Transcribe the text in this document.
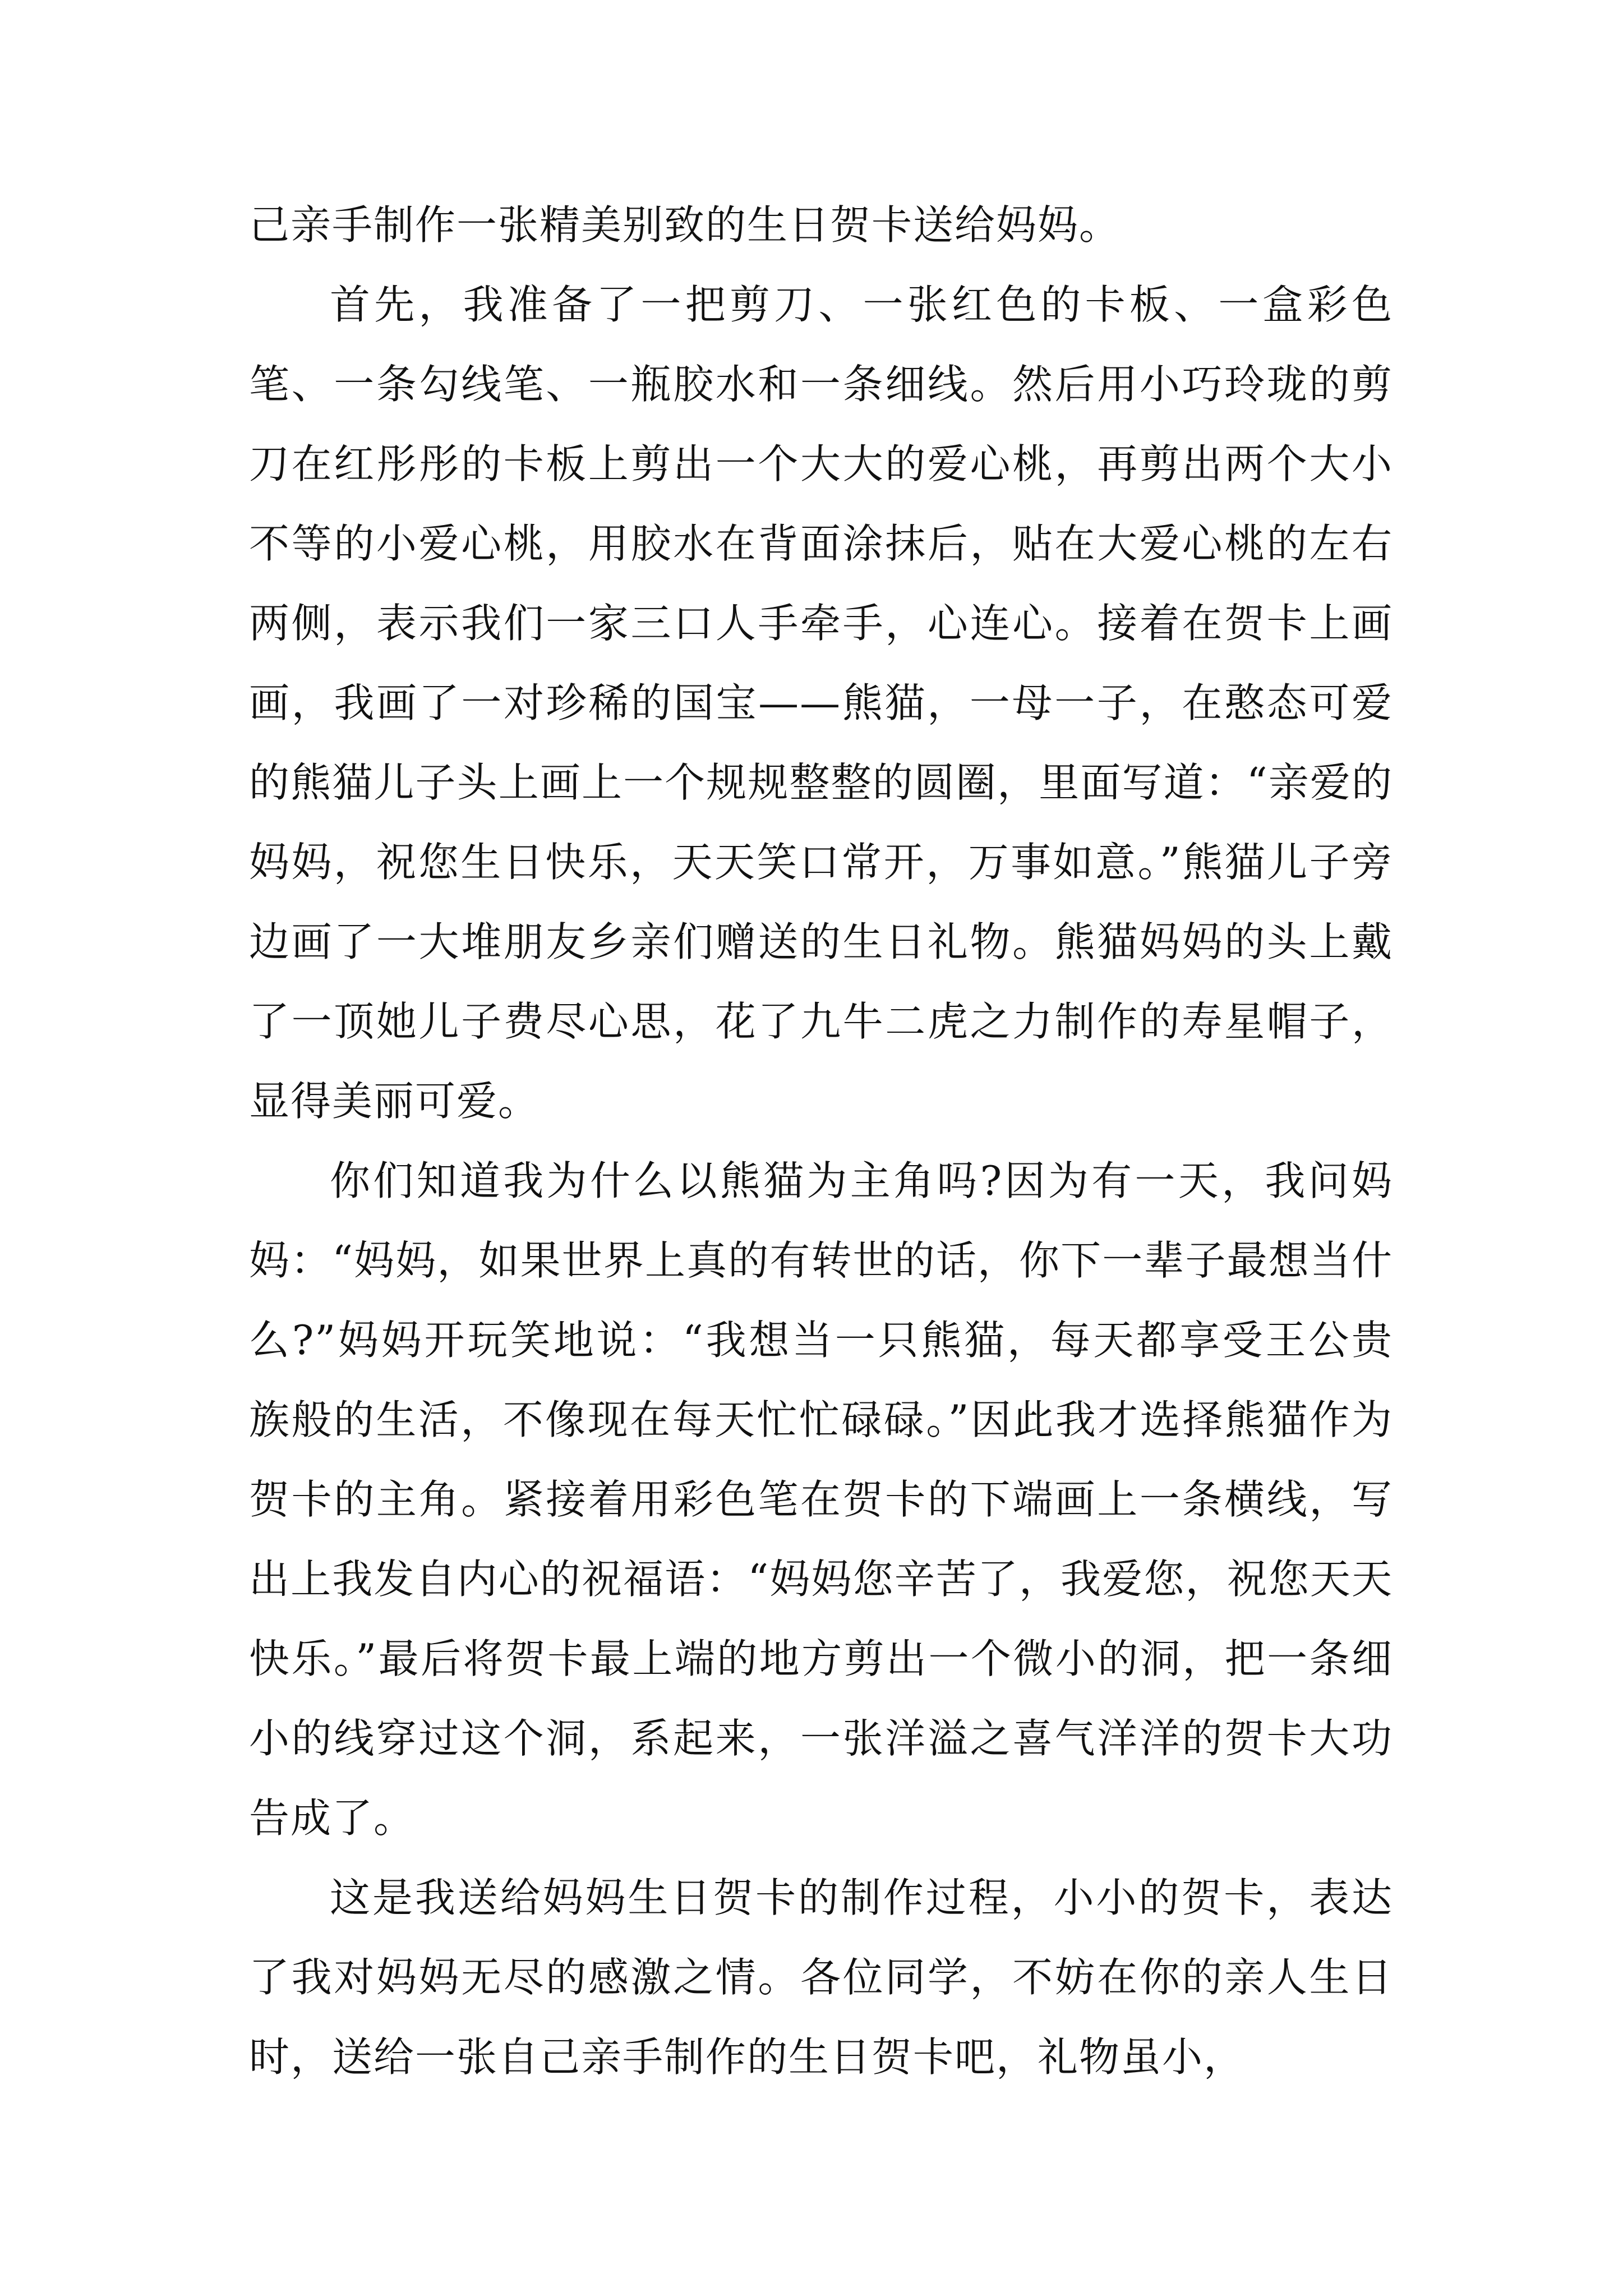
己亲手制作一张精美别致的生日贺卡送给妈妈。

首先，我准备了一把剪刀、一张红色的卡板、一盒彩色笔、一条勾线笔、一瓶胶水和一条细线。然后用小巧玲珑的剪刀在红彤彤的卡板上剪出一个大大的爱心桃，再剪出两个大小不等的小爱心桃，用胶水在背面涂抹后，贴在大爱心桃的左右两侧，表示我们一家三口人手牵手，心连心。接着在贺卡上画画，我画了一对珍稀的国宝——熊猫，一母一子，在憨态可爱的熊猫儿子头上画上一个规规整整的圆圈，里面写道：“亲爱的妈妈，祝您生日快乐，天天笑口常开，万事如意。”熊猫儿子旁边画了一大堆朋友乡亲们赠送的生日礼物。熊猫妈妈的头上戴了一顶她儿子费尽心思，花了九牛二虎之力制作的寿星帽子，显得美丽可爱。

你们知道我为什么以熊猫为主角吗?因为有一天，我问妈妈：“妈妈，如果世界上真的有转世的话，你下一辈子最想当什么?”妈妈开玩笑地说：“我想当一只熊猫，每天都享受王公贵族般的生活，不像现在每天忙忙碌碌。”因此我才选择熊猫作为贺卡的主角。紧接着用彩色笔在贺卡的下端画上一条横线，写出上我发自内心的祝福语：“妈妈您辛苦了，我爱您，祝您天天快乐。”最后将贺卡最上端的地方剪出一个微小的洞，把一条细小的线穿过这个洞，系起来，一张洋溢之喜气洋洋的贺卡大功告成了。

这是我送给妈妈生日贺卡的制作过程，小小的贺卡，表达了我对妈妈无尽的感激之情。各位同学，不妨在你的亲人生日时，送给一张自己亲手制作的生日贺卡吧，礼物虽小，
